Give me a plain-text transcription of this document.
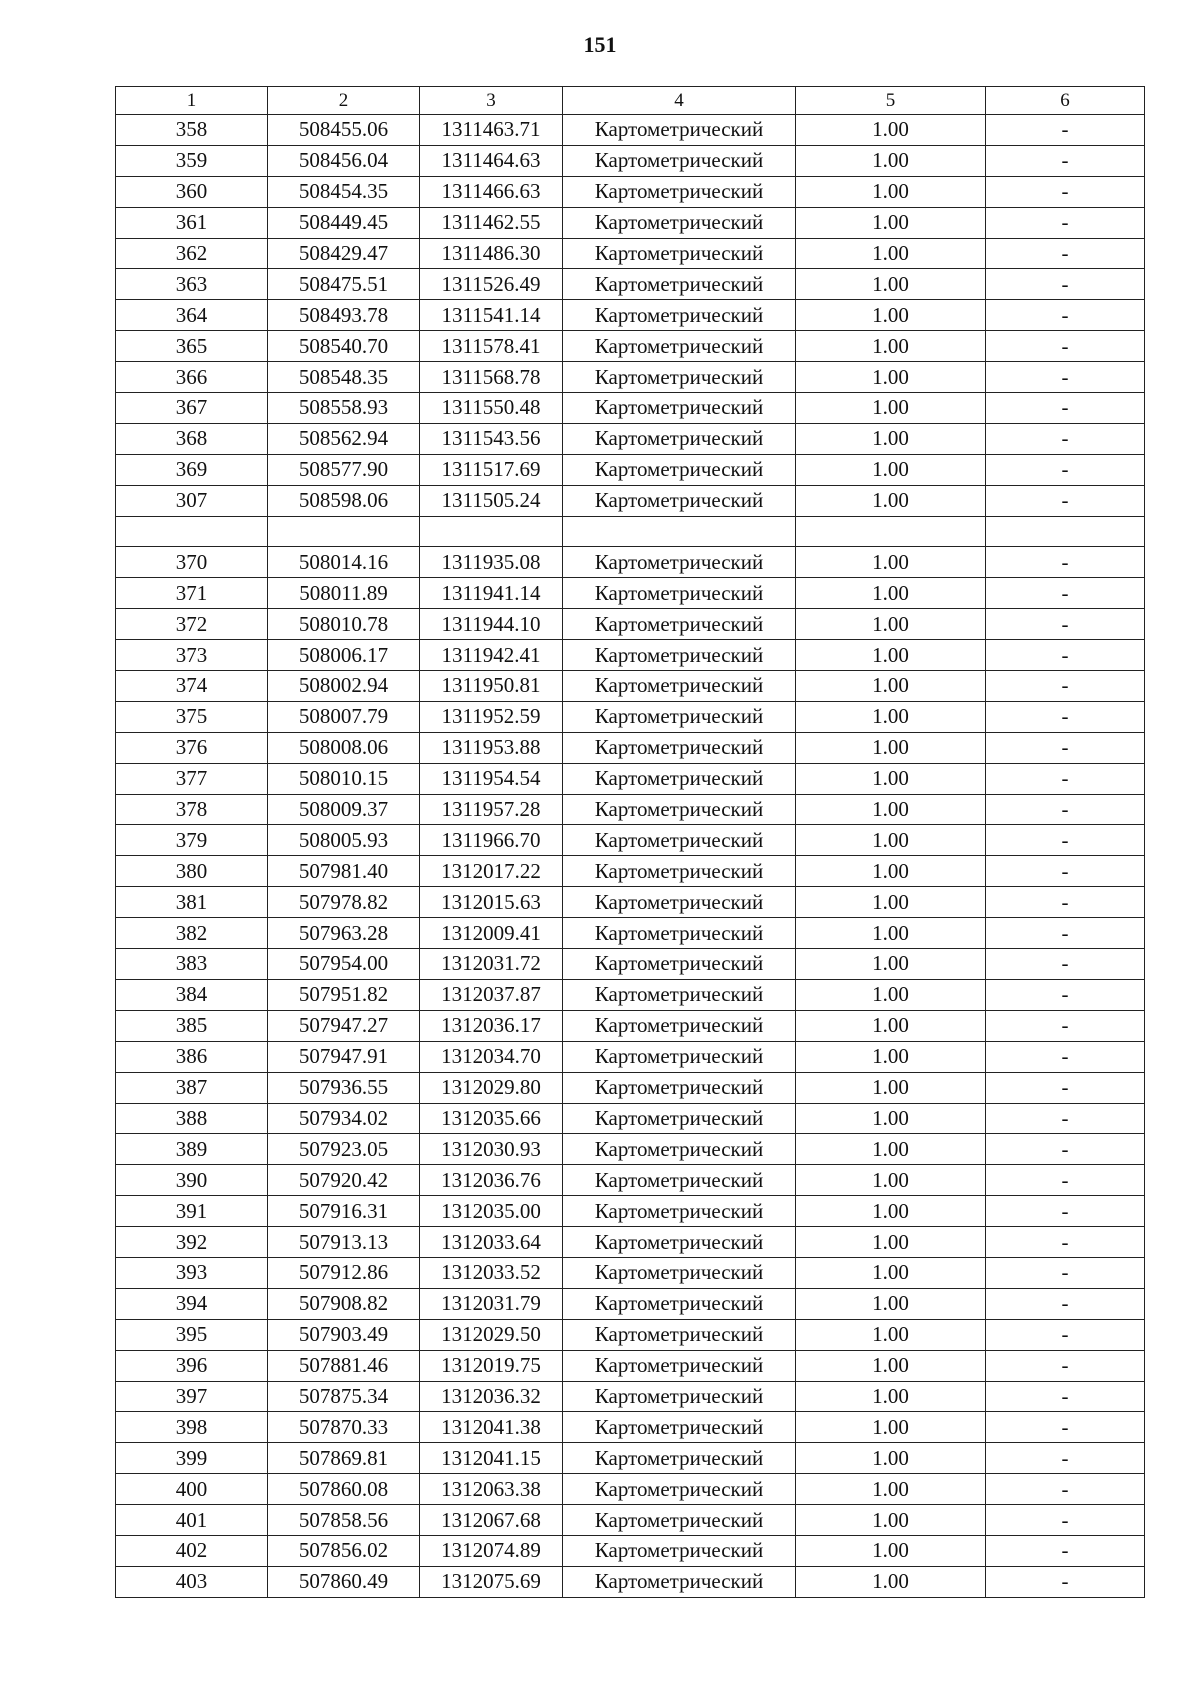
151
1	2	3	4	5	6
358	508455.06	1311463.71	Картометрический	1.00	-
359	508456.04	1311464.63	Картометрический	1.00	-
360	508454.35	1311466.63	Картометрический	1.00	-
361	508449.45	1311462.55	Картометрический	1.00	-
362	508429.47	1311486.30	Картометрический	1.00	-
363	508475.51	1311526.49	Картометрический	1.00	-
364	508493.78	1311541.14	Картометрический	1.00	-
365	508540.70	1311578.41	Картометрический	1.00	-
366	508548.35	1311568.78	Картометрический	1.00	-
367	508558.93	1311550.48	Картометрический	1.00	-
368	508562.94	1311543.56	Картометрический	1.00	-
369	508577.90	1311517.69	Картометрический	1.00	-
307	508598.06	1311505.24	Картометрический	1.00	-

370	508014.16	1311935.08	Картометрический	1.00	-
371	508011.89	1311941.14	Картометрический	1.00	-
372	508010.78	1311944.10	Картометрический	1.00	-
373	508006.17	1311942.41	Картометрический	1.00	-
374	508002.94	1311950.81	Картометрический	1.00	-
375	508007.79	1311952.59	Картометрический	1.00	-
376	508008.06	1311953.88	Картометрический	1.00	-
377	508010.15	1311954.54	Картометрический	1.00	-
378	508009.37	1311957.28	Картометрический	1.00	-
379	508005.93	1311966.70	Картометрический	1.00	-
380	507981.40	1312017.22	Картометрический	1.00	-
381	507978.82	1312015.63	Картометрический	1.00	-
382	507963.28	1312009.41	Картометрический	1.00	-
383	507954.00	1312031.72	Картометрический	1.00	-
384	507951.82	1312037.87	Картометрический	1.00	-
385	507947.27	1312036.17	Картометрический	1.00	-
386	507947.91	1312034.70	Картометрический	1.00	-
387	507936.55	1312029.80	Картометрический	1.00	-
388	507934.02	1312035.66	Картометрический	1.00	-
389	507923.05	1312030.93	Картометрический	1.00	-
390	507920.42	1312036.76	Картометрический	1.00	-
391	507916.31	1312035.00	Картометрический	1.00	-
392	507913.13	1312033.64	Картометрический	1.00	-
393	507912.86	1312033.52	Картометрический	1.00	-
394	507908.82	1312031.79	Картометрический	1.00	-
395	507903.49	1312029.50	Картометрический	1.00	-
396	507881.46	1312019.75	Картометрический	1.00	-
397	507875.34	1312036.32	Картометрический	1.00	-
398	507870.33	1312041.38	Картометрический	1.00	-
399	507869.81	1312041.15	Картометрический	1.00	-
400	507860.08	1312063.38	Картометрический	1.00	-
401	507858.56	1312067.68	Картометрический	1.00	-
402	507856.02	1312074.89	Картометрический	1.00	-
403	507860.49	1312075.69	Картометрический	1.00	-
